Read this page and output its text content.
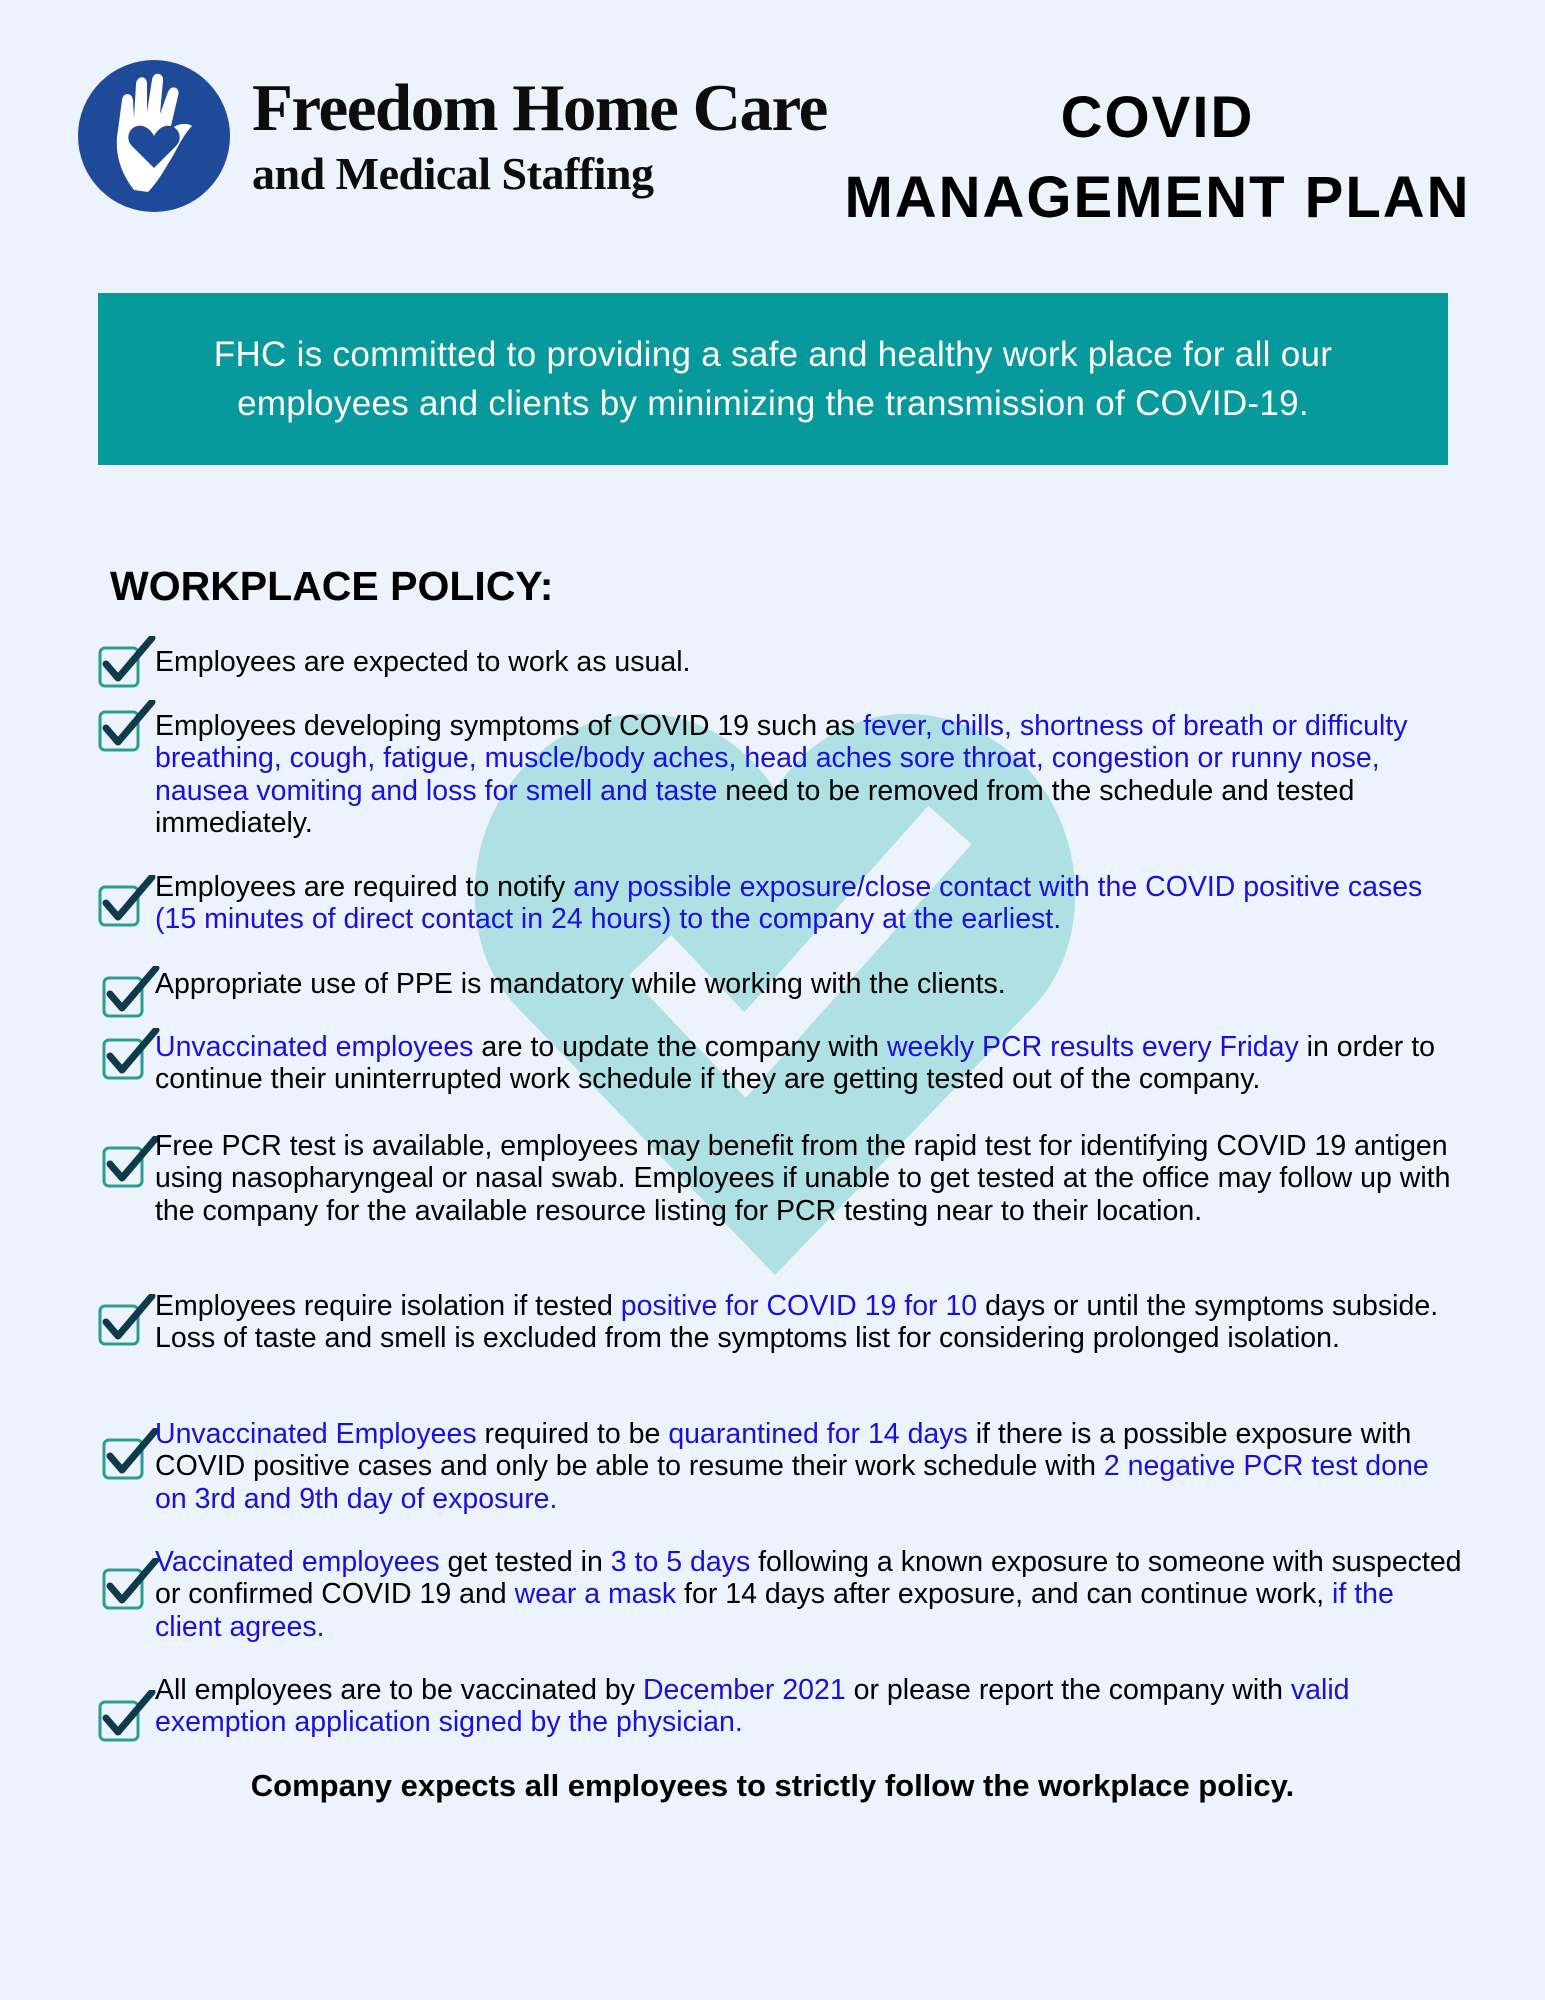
Freedom Home Care
and Medical Staffing
COVID
MANAGEMENT PLAN
FHC is committed to providing a safe and healthy work place for all our employees and clients by minimizing the transmission of COVID-19.
WORKPLACE POLICY:
Employees are expected to work as usual.
Employees developing symptoms of COVID 19 such as fever, chills, shortness of breath or difficulty breathing, cough, fatigue, muscle/body aches, head aches sore throat, congestion or runny nose, nausea vomiting and loss for smell and taste need to be removed from the schedule and tested immediately.
Employees are required to notify any possible exposure/close contact with the COVID positive cases (15 minutes of direct contact in 24 hours) to the company at the earliest.
Appropriate use of PPE is mandatory while working with the clients.
Unvaccinated employees are to update the company with weekly PCR results every Friday in order to continue their uninterrupted work schedule if they are getting tested out of the company.
Free PCR test is available, employees may benefit from the rapid test for identifying COVID 19 antigen using nasopharyngeal or nasal swab. Employees if unable to get tested at the office may follow up with the company for the available resource listing for PCR testing near to their location.
Employees require isolation if tested positive for COVID 19 for 10 days or until the symptoms subside. Loss of taste and smell is excluded from the symptoms list for considering prolonged isolation.
Unvaccinated Employees required to be quarantined for 14 days if there is a possible exposure with COVID positive cases and only be able to resume their work schedule with 2 negative PCR test done on 3rd and 9th day of exposure.
Vaccinated employees get tested in 3 to 5 days following a known exposure to someone with suspected or confirmed COVID 19 and wear a mask for 14 days after exposure, and can continue work, if the client agrees.
All employees are to be vaccinated by December 2021 or please report the company with valid exemption application signed by the physician.
Company expects all employees to strictly follow the workplace policy.
